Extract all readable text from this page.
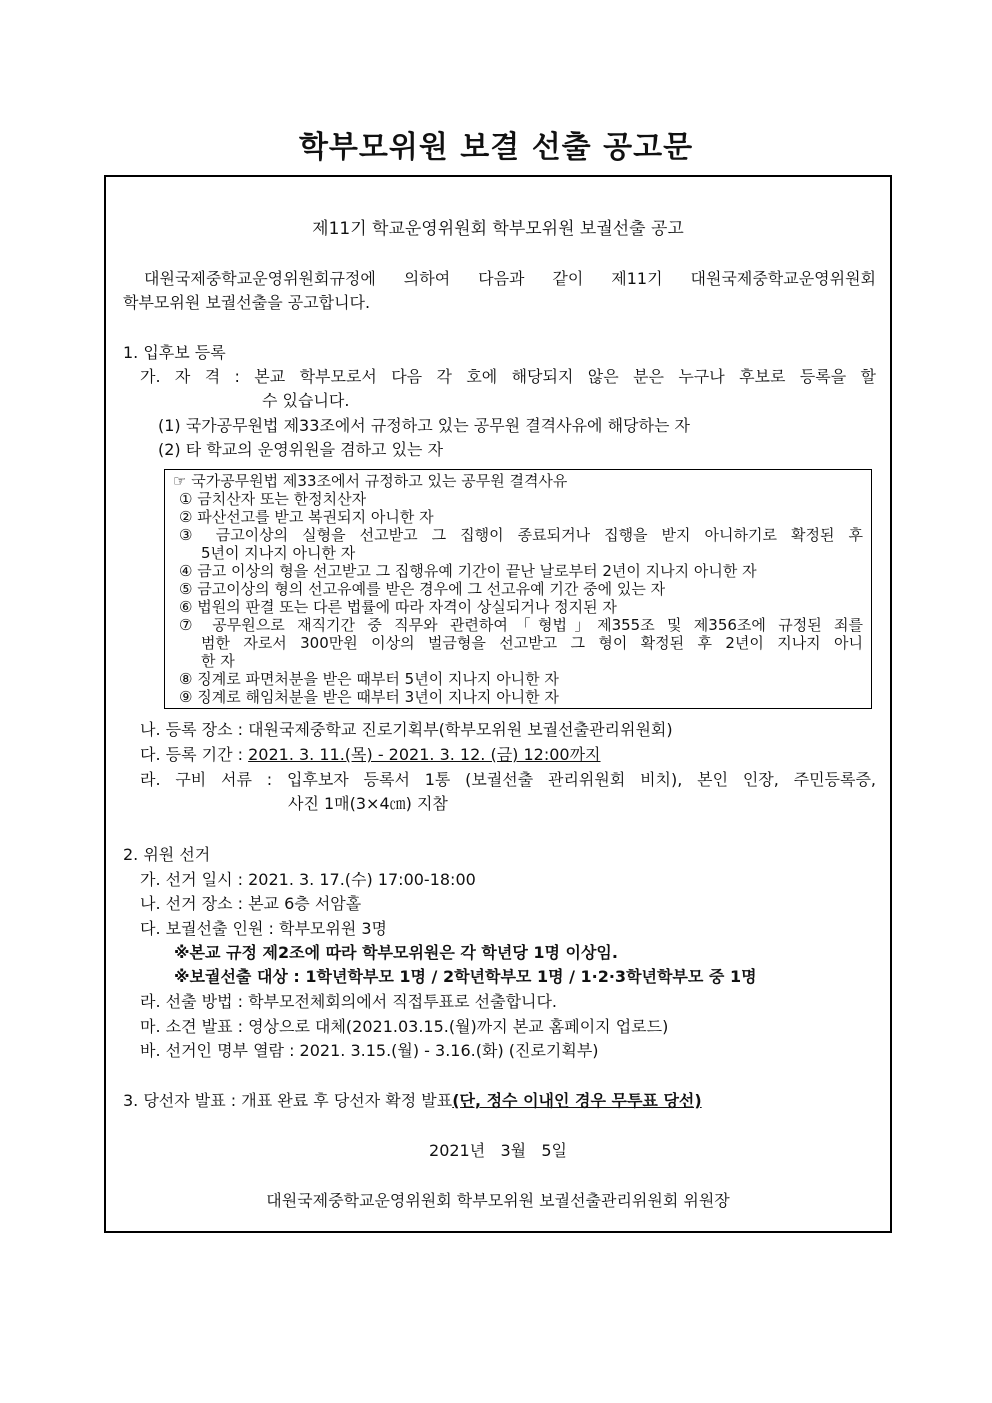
학부모위원 보결 선출 공고문
제11기 학교운영위원회 학부모위원 보궐선출 공고
대원국제중학교운영위원회규정에 의하여 다음과 같이 제11기 대원국제중학교운영위원회
학부모위원 보궐선출을 공고합니다.
1. 입후보 등록
가. 자 격 : 본교 학부모로서 다음 각 호에 해당되지 않은 분은 누구나 후보로 등록을 할
수 있습니다.
(1) 국가공무원법 제33조에서 규정하고 있는 공무원 결격사유에 해당하는 자
(2) 타 학교의 운영위원을 겸하고 있는 자
☞ 국가공무원법 제33조에서 규정하고 있는 공무원 결격사유
① 금치산자 또는 한정치산자
② 파산선고를 받고 복권되지 아니한 자
③ 금고이상의 실형을 선고받고 그 집행이 종료되거나 집행을 받지 아니하기로 확정된 후
5년이 지나지 아니한 자
④ 금고 이상의 형을 선고받고 그 집행유예 기간이 끝난 날로부터 2년이 지나지 아니한 자
⑤ 금고이상의 형의 선고유예를 받은 경우에 그 선고유예 기간 중에 있는 자
⑥ 법원의 판결 또는 다른 법률에 따라 자격이 상실되거나 정지된 자
⑦ 공무원으로 재직기간 중 직무와 관련하여「형법」제355조 및 제356조에 규정된 죄를
범한 자로서 300만원 이상의 벌금형을 선고받고 그 형이 확정된 후 2년이 지나지 아니
한 자
⑧ 징계로 파면처분을 받은 때부터 5년이 지나지 아니한 자
⑨ 징계로 해임처분을 받은 때부터 3년이 지나지 아니한 자
나. 등록 장소 : 대원국제중학교 진로기획부(학부모위원 보궐선출관리위원회)
다. 등록 기간 : 2021. 3. 11.(목) - 2021. 3. 12. (금) 12:00까지
라. 구비 서류 : 입후보자 등록서 1통 (보궐선출 관리위원회 비치), 본인 인장, 주민등록증,
사진 1매(3×4㎝) 지참
2. 위원 선거
가. 선거 일시 : 2021. 3. 17.(수) 17:00-18:00
나. 선거 장소 : 본교 6층 서암홀
다. 보궐선출 인원 : 학부모위원 3명
※본교 규정 제2조에 따라 학부모위원은 각 학년당 1명 이상임.
※보궐선출 대상 : 1학년학부모 1명 / 2학년학부모 1명 / 1·2·3학년학부모 중 1명
라. 선출 방법 : 학부모전체회의에서 직접투표로 선출합니다.
마. 소견 발표 : 영상으로 대체(2021.03.15.(월)까지 본교 홈페이지 업로드)
바. 선거인 명부 열람 : 2021. 3.15.(월) - 3.16.(화) (진로기획부)
3. 당선자 발표 : 개표 완료 후 당선자 확정 발표(단, 정수 이내인 경우 무투표 당선)
2021년   3월   5일
대원국제중학교운영위원회 학부모위원 보궐선출관리위원회 위원장
